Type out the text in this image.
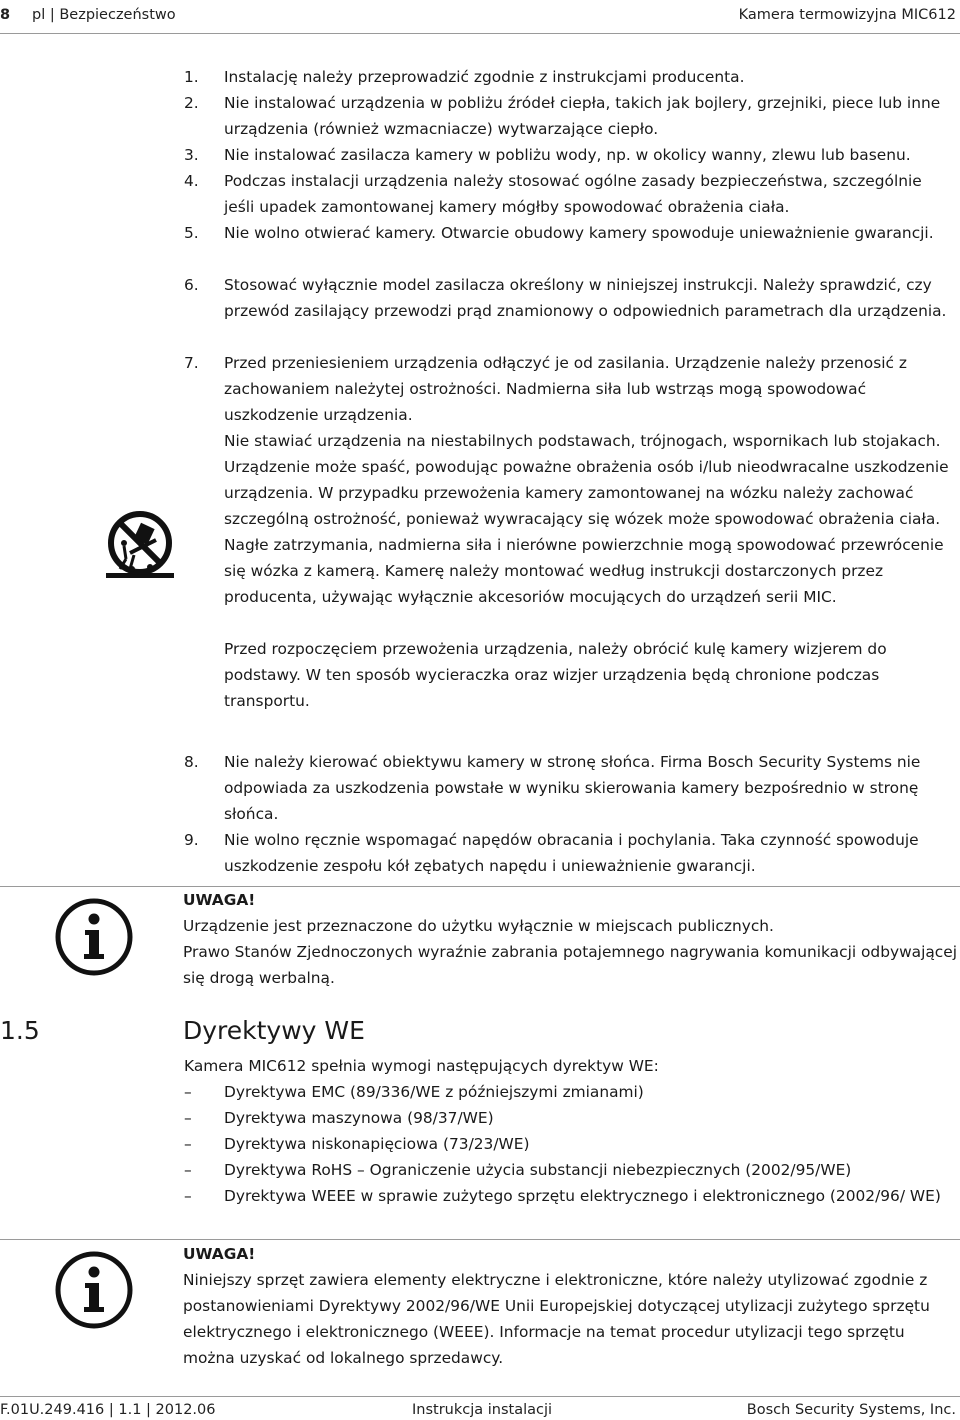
8 pl | Bezpieczeństwo	Kamera termowizyjna MIC612
1. Instalację należy przeprowadzić zgodnie z instrukcjami producenta.
2. Nie instalować urządzenia w pobliżu źródeł ciepła, takich jak bojlery, grzejniki, piece lub inne urządzenia (również wzmacniacze) wytwarzające ciepło.
3. Nie instalować zasilacza kamery w pobliżu wody, np. w okolicy wanny, zlewu lub basenu.
4. Podczas instalacji urządzenia należy stosować ogólne zasady bezpieczeństwa, szczególnie jeśli upadek zamontowanej kamery mógłby spowodować obrażenia ciała.
5. Nie wolno otwierać kamery. Otwarcie obudowy kamery spowoduje unieważnienie gwarancji.
6. Stosować wyłącznie model zasilacza określony w niniejszej instrukcji. Należy sprawdzić, czy przewód zasilający przewodzi prąd znamionowy o odpowiednich parametrach dla urządzenia.
7. Przed przeniesieniem urządzenia odłączyć je od zasilania. Urządzenie należy przenosić z zachowaniem należytej ostrożności. Nadmierna siła lub wstrząs mogą spowodować uszkodzenie urządzenia.
Nie stawiać urządzenia na niestabilnych podstawach, trójnogach, wspornikach lub stojakach. Urządzenie może spaść, powodując poważne obrażenia osób i/lub nieodwracalne uszkodzenie urządzenia. W przypadku przewożenia kamery zamontowanej na wózku należy zachować szczególną ostrożność, ponieważ wywracający się wózek może spowodować obrażenia ciała. Nagłe zatrzymania, nadmierna siła i nierówne powierzchnie mogą spowodować przewrócenie się wózka z kamerą. Kamerę należy montować według instrukcji dostarczonych przez producenta, używając wyłącznie akcesoriów mocujących do urządzeń serii MIC.
Przed rozpoczęciem przewożenia urządzenia, należy obrócić kulę kamery wizjerem do podstawy. W ten sposób wycieraczka oraz wizjer urządzenia będą chronione podczas transportu.
8. Nie należy kierować obiektywu kamery w stronę słońca. Firma Bosch Security Systems nie odpowiada za uszkodzenia powstałe w wyniku skierowania kamery bezpośrednio w stronę słońca.
9. Nie wolno ręcznie wspomagać napędów obracania i pochylania. Taka czynność spowoduje uszkodzenie zespołu kół zębatych napędu i unieważnienie gwarancji.
UWAGA!
Urządzenie jest przeznaczone do użytku wyłącznie w miejscach publicznych.
Prawo Stanów Zjednoczonych wyraźnie zabrania potajemnego nagrywania komunikacji odbywającej się drogą werbalną.
1.5	Dyrektywy WE
Kamera MIC612 spełnia wymogi następujących dyrektyw WE:
– Dyrektywa EMC (89/336/WE z późniejszymi zmianami)
– Dyrektywa maszynowa (98/37/WE)
– Dyrektywa niskonapięciowa (73/23/WE)
– Dyrektywa RoHS – Ograniczenie użycia substancji niebezpiecznych (2002/95/WE)
– Dyrektywa WEEE w sprawie zużytego sprzętu elektrycznego i elektronicznego (2002/96/ WE)
UWAGA!
Niniejszy sprzęt zawiera elementy elektryczne i elektroniczne, które należy utylizować zgodnie z postanowieniami Dyrektywy 2002/96/WE Unii Europejskiej dotyczącej utylizacji zużytego sprzętu elektrycznego i elektronicznego (WEEE). Informacje na temat procedur utylizacji tego sprzętu można uzyskać od lokalnego sprzedawcy.
F.01U.249.416 | 1.1 | 2012.06	Instrukcja instalacji	Bosch Security Systems, Inc.
